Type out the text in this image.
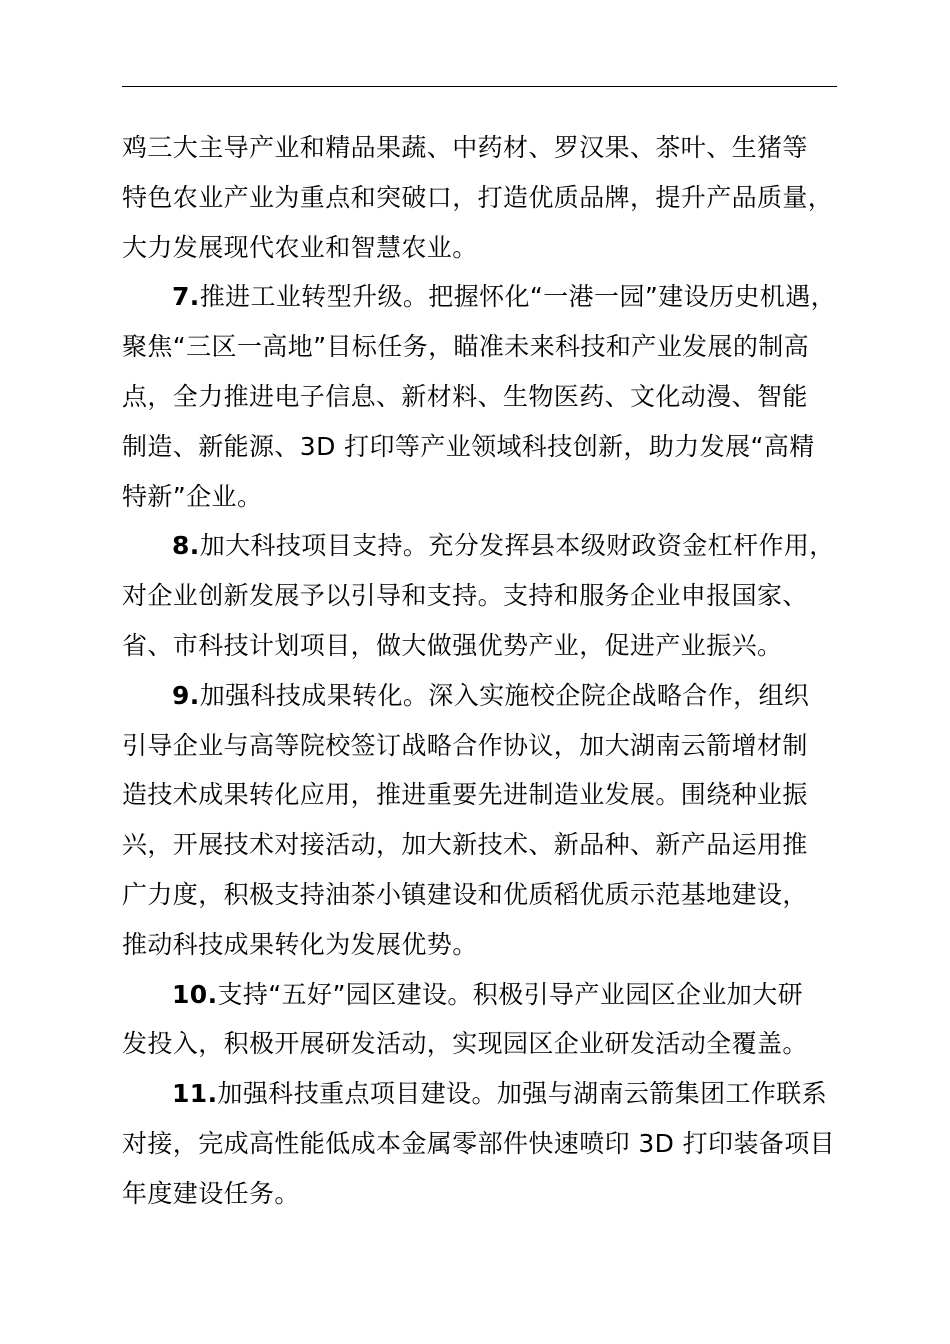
鸡三大主导产业和精品果蔬、中药材、罗汉果、茶叶、生猪等
特色农业产业为重点和突破口，打造优质品牌，提升产品质量，
大力发展现代农业和智慧农业。
7.推进工业转型升级。把握怀化“一港一园”建设历史机遇，
聚焦“三区一高地”目标任务，瞄准未来科技和产业发展的制高
点，全力推进电子信息、新材料、生物医药、文化动漫、智能
制造、新能源、3D 打印等产业领域科技创新，助力发展“高精
特新”企业。
8.加大科技项目支持。充分发挥县本级财政资金杠杆作用，
对企业创新发展予以引导和支持。支持和服务企业申报国家、
省、市科技计划项目，做大做强优势产业，促进产业振兴。
9.加强科技成果转化。深入实施校企院企战略合作，组织
引导企业与高等院校签订战略合作协议，加大湖南云箭增材制
造技术成果转化应用，推进重要先进制造业发展。围绕种业振
兴，开展技术对接活动，加大新技术、新品种、新产品运用推
广力度，积极支持油茶小镇建设和优质稻优质示范基地建设，
推动科技成果转化为发展优势。
10.支持“五好”园区建设。积极引导产业园区企业加大研
发投入，积极开展研发活动，实现园区企业研发活动全覆盖。
11.加强科技重点项目建设。加强与湖南云箭集团工作联系
对接，完成高性能低成本金属零部件快速喷印 3D 打印装备项目
年度建设任务。
